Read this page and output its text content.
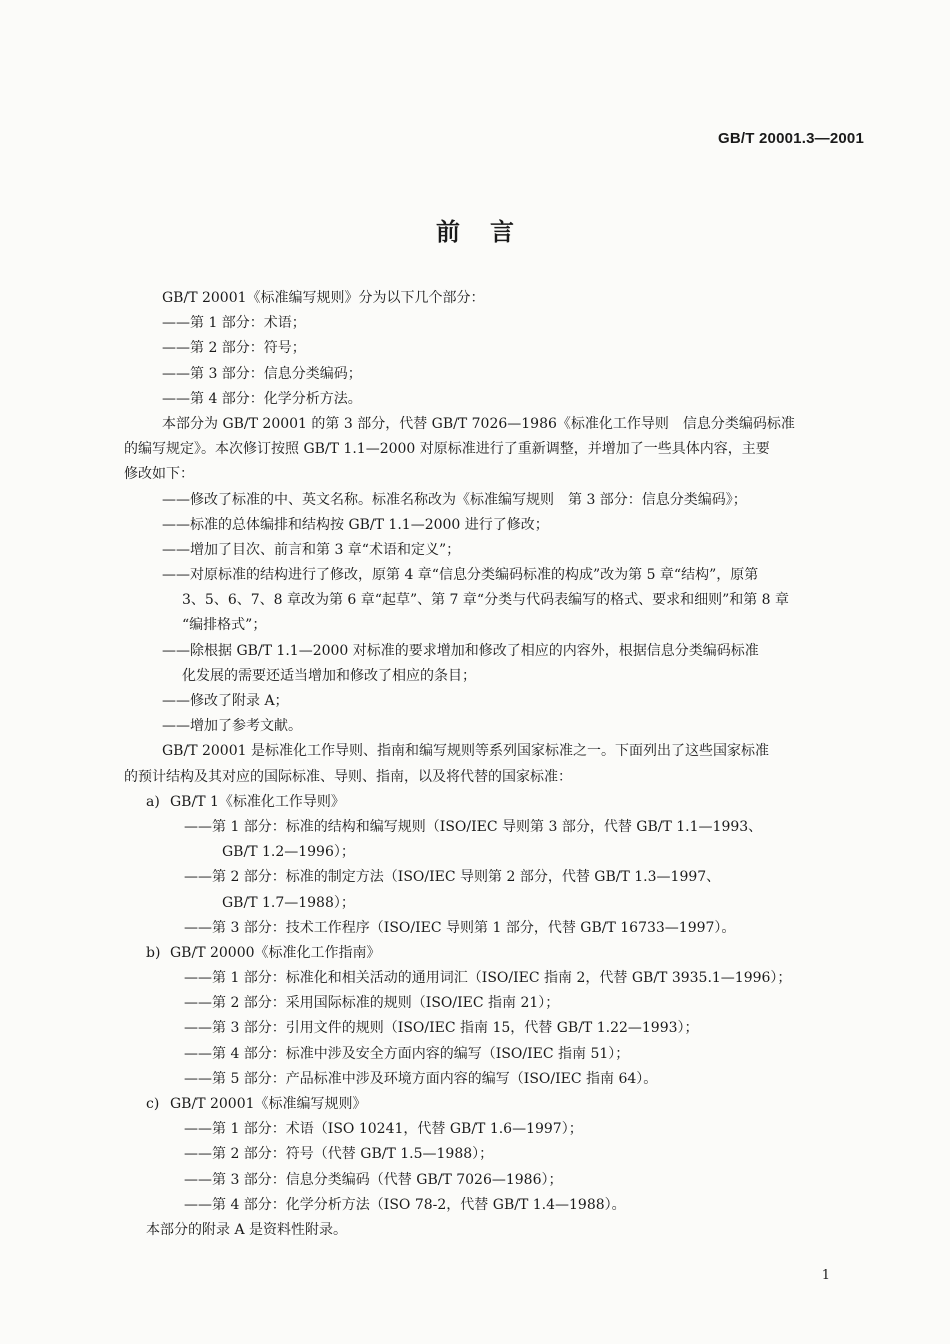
GB/T 20001.3—2001
前言
GB/T 20001《标准编写规则》分为以下几个部分：
——第 1 部分：术语；
——第 2 部分：符号；
——第 3 部分：信息分类编码；
——第 4 部分：化学分析方法。
本部分为 GB/T 20001 的第 3 部分，代替 GB/T 7026—1986《标准化工作导则　信息分类编码标准
的编写规定》。本次修订按照 GB/T 1.1—2000 对原标准进行了重新调整，并增加了一些具体内容，主要
修改如下：
——修改了标准的中、英文名称。标准名称改为《标准编写规则　第 3 部分：信息分类编码》；
——标准的总体编排和结构按 GB/T 1.1—2000 进行了修改；
——增加了目次、前言和第 3 章“术语和定义”；
——对原标准的结构进行了修改，原第 4 章“信息分类编码标准的构成”改为第 5 章“结构”，原第
3、5、6、7、8 章改为第 6 章“起草”、第 7 章“分类与代码表编写的格式、要求和细则”和第 8 章
“编排格式”；
——除根据 GB/T 1.1—2000 对标准的要求增加和修改了相应的内容外，根据信息分类编码标准
化发展的需要还适当增加和修改了相应的条目；
——修改了附录 A；
——增加了参考文献。
GB/T 20001 是标准化工作导则、指南和编写规则等系列国家标准之一。下面列出了这些国家标准
的预计结构及其对应的国际标准、导则、指南，以及将代替的国家标准：
a) GB/T 1《标准化工作导则》
——第 1 部分：标准的结构和编写规则（ISO/IEC 导则第 3 部分，代替 GB/T 1.1—1993、
GB/T 1.2—1996）；
——第 2 部分：标准的制定方法（ISO/IEC 导则第 2 部分，代替 GB/T 1.3—1997、
GB/T 1.7—1988）；
——第 3 部分：技术工作程序（ISO/IEC 导则第 1 部分，代替 GB/T 16733—1997）。
b) GB/T 20000《标准化工作指南》
——第 1 部分：标准化和相关活动的通用词汇（ISO/IEC 指南 2，代替 GB/T 3935.1—1996）；
——第 2 部分：采用国际标准的规则（ISO/IEC 指南 21）；
——第 3 部分：引用文件的规则（ISO/IEC 指南 15，代替 GB/T 1.22—1993）；
——第 4 部分：标准中涉及安全方面内容的编写（ISO/IEC 指南 51）；
——第 5 部分：产品标准中涉及环境方面内容的编写（ISO/IEC 指南 64）。
c) GB/T 20001《标准编写规则》
——第 1 部分：术语（ISO 10241，代替 GB/T 1.6—1997）；
——第 2 部分：符号（代替 GB/T 1.5—1988）；
——第 3 部分：信息分类编码（代替 GB/T 7026—1986）；
——第 4 部分：化学分析方法（ISO 78-2，代替 GB/T 1.4—1988）。
本部分的附录 A 是资料性附录。
1
